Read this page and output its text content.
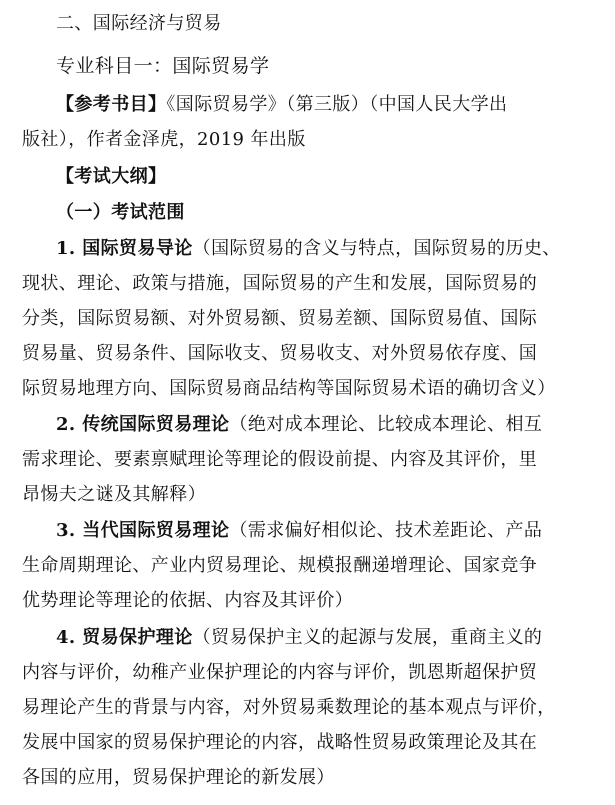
二、国际经济与贸易
专业科目一：国际贸易学
【参考书目】《国际贸易学》（第三版）（中国人民大学出
版社），作者金泽虎，2019 年出版
【考试大纲】
（一）考试范围
1. 国际贸易导论（国际贸易的含义与特点，国际贸易的历史、
现状、理论、政策与措施，国际贸易的产生和发展，国际贸易的
分类，国际贸易额、对外贸易额、贸易差额、国际贸易值、国际
贸易量、贸易条件、国际收支、贸易收支、对外贸易依存度、国
际贸易地理方向、国际贸易商品结构等国际贸易术语的确切含义）
2. 传统国际贸易理论（绝对成本理论、比较成本理论、相互
需求理论、要素禀赋理论等理论的假设前提、内容及其评价，里
昂惕夫之谜及其解释）
3. 当代国际贸易理论（需求偏好相似论、技术差距论、产品
生命周期理论、产业内贸易理论、规模报酬递增理论、国家竞争
优势理论等理论的依据、内容及其评价）
4. 贸易保护理论（贸易保护主义的起源与发展，重商主义的
内容与评价，幼稚产业保护理论的内容与评价，凯恩斯超保护贸
易理论产生的背景与内容，对外贸易乘数理论的基本观点与评价，
发展中国家的贸易保护理论的内容，战略性贸易政策理论及其在
各国的应用，贸易保护理论的新发展）
